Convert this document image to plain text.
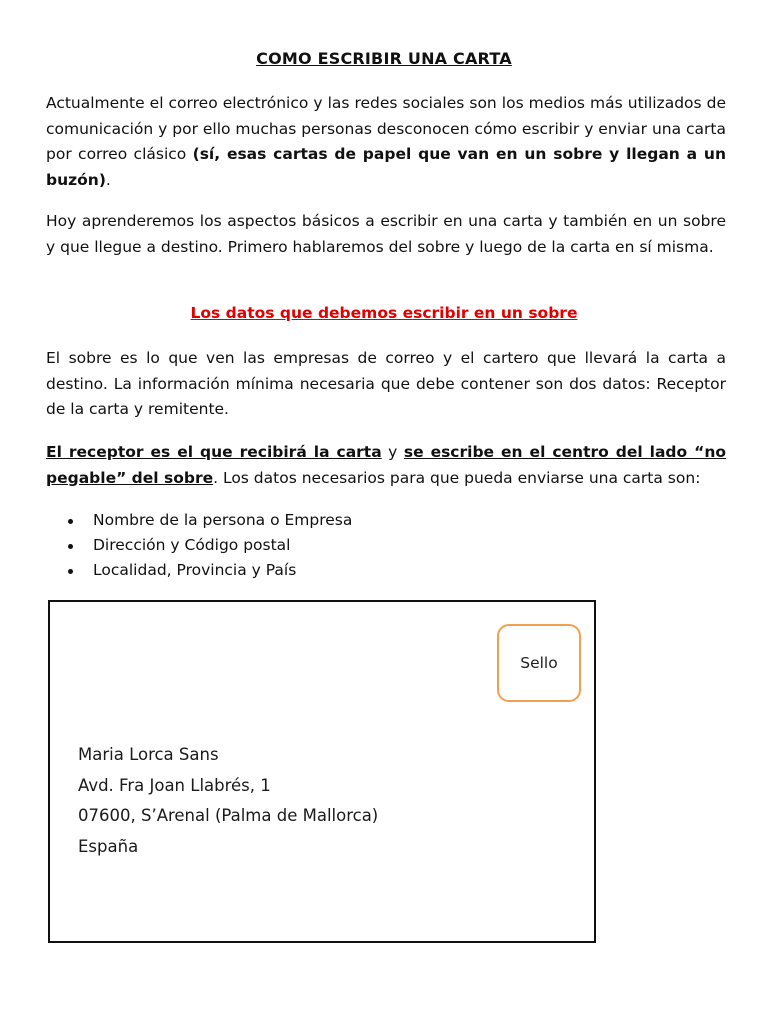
COMO ESCRIBIR UNA CARTA

Actualmente el correo electrónico y las redes sociales son los medios más utilizados de comunicación y por ello muchas personas desconocen cómo escribir y enviar una carta por correo clásico (sí, esas cartas de papel que van en un sobre y llegan a un buzón).

Hoy aprenderemos los aspectos básicos a escribir en una carta y también en un sobre y que llegue a destino. Primero hablaremos del sobre y luego de la carta en sí misma.

Los datos que debemos escribir en un sobre

El sobre es lo que ven las empresas de correo y el cartero que llevará la carta a destino. La información mínima necesaria que debe contener son dos datos: Receptor de la carta y remitente.

El receptor es el que recibirá la carta y se escribe en el centro del lado “no pegable” del sobre. Los datos necesarios para que pueda enviarse una carta son:

Nombre de la persona o Empresa
Dirección y Código postal
Localidad, Provincia y País
Sello
Maria Lorca Sans
Avd. Fra Joan Llabrés, 1
07600, S’Arenal (Palma de Mallorca)
España
